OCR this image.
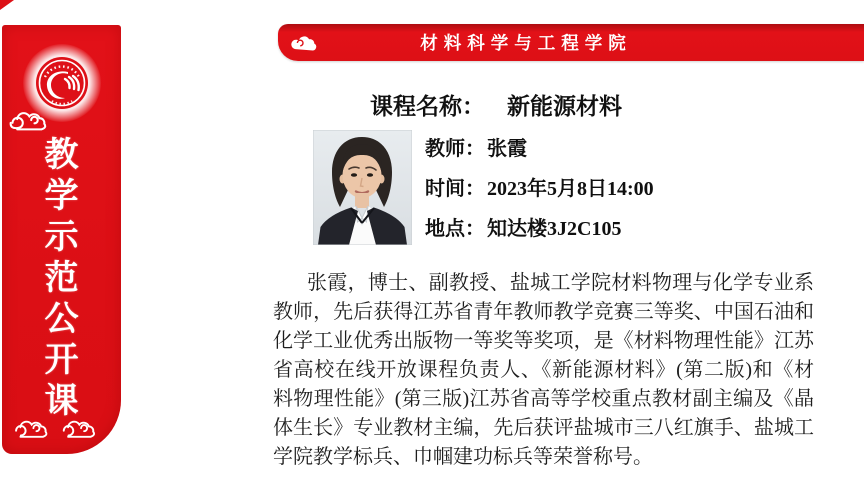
教
学
示
范
公
开
课
材料科学与工程学院
课程名称： 新能源材料
教师： 张霞
时间： 2023年5月8日14:00
地点： 知达楼3J2C105

张霞，博士、副教授、盐城工学院材料物理与化学专业系教师，先后获得江苏省青年教师教学竞赛三等奖、中国石油和化学工业优秀出版物一等奖等奖项，是《材料物理性能》江苏省高校在线开放课程负责人、《新能源材料》(第二版)和《材料物理性能》(第三版)江苏省高等学校重点教材副主编及《晶体生长》专业教材主编，先后获评盐城市三八红旗手、盐城工学院教学标兵、巾帼建功标兵等荣誉称号。
